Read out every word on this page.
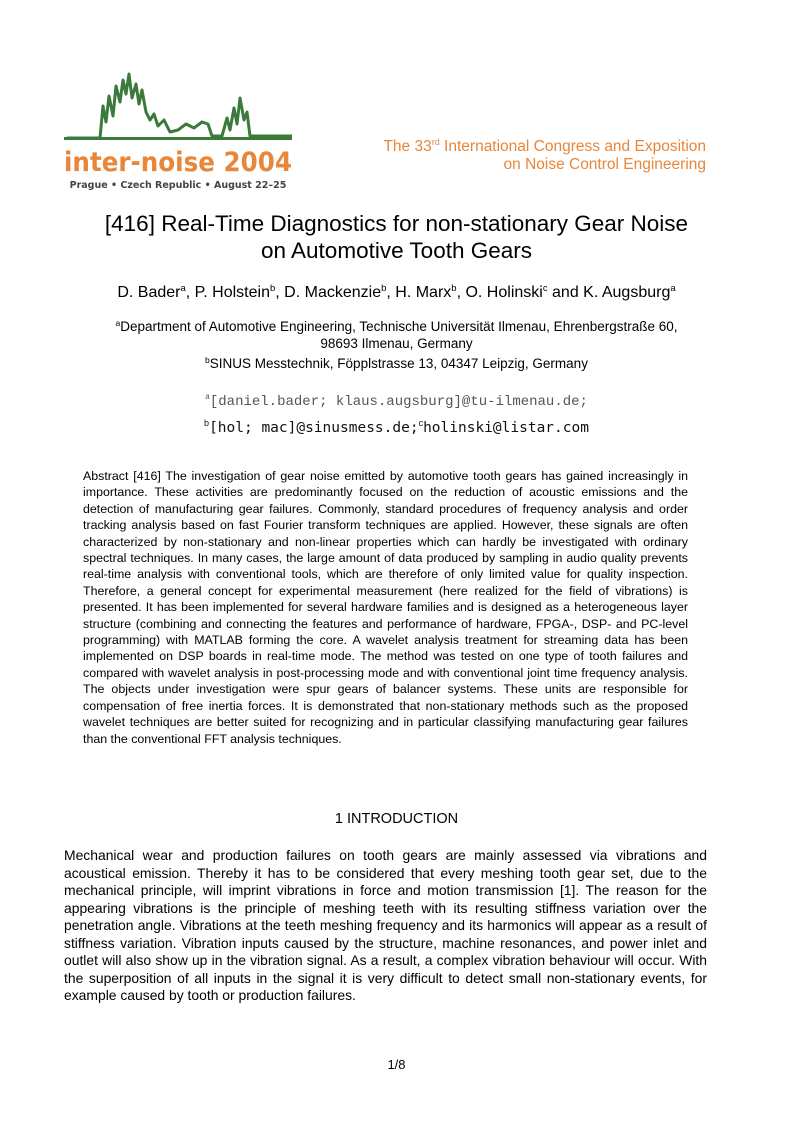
inter-noise 2004
Prague • Czech Republic • August 22–25
The 33rd International Congress and Exposition
on Noise Control Engineering
[416] Real-Time Diagnostics for non-stationary Gear Noise
on Automotive Tooth Gears
D. Bader$^a$, P. Holstein$^b$, D. Mackenzie$^b$, H. Marx$^b$, O. Holinski$^c$ and K. Augsburg$^a$
$^a$Department of Automotive Engineering, Technische Universität Ilmenau, Ehrenbergstraße 60,
98693 Ilmenau, Germany
$^b$SINUS Messtechnik, Föpplstrasse 13, 04347 Leipzig, Germany
$^a$[daniel.bader; klaus.augsburg]@tu-ilmenau.de;
$^b$[hol; mac]@sinusmess.de;$^c$holinski@listar.com
Abstract [416] The investigation of gear noise emitted by automotive tooth gears has gained increasingly in importance. These activities are predominantly focused on the reduction of acoustic emissions and the detection of manufacturing gear failures. Commonly, standard procedures of frequency analysis and order tracking analysis based on fast Fourier transform techniques are applied. However, these signals are often characterized by non-stationary and non-linear properties which can hardly be investigated with ordinary spectral techniques. In many cases, the large amount of data produced by sampling in audio quality prevents real-time analysis with conventional tools, which are therefore of only limited value for quality inspection. Therefore, a general concept for experimental measurement (here realized for the field of vibrations) is presented. It has been implemented for several hardware families and is designed as a heterogeneous layer structure (combining and connecting the features and performance of hardware, FPGA-, DSP- and PC-level programming) with MATLAB forming the core. A wavelet analysis treatment for streaming data has been implemented on DSP boards in real-time mode. The method was tested on one type of tooth failures and compared with wavelet analysis in post-processing mode and with conventional joint time frequency analysis. The objects under investigation were spur gears of balancer systems. These units are responsible for compensation of free inertia forces. It is demonstrated that non-stationary methods such as the proposed wavelet techniques are better suited for recognizing and in particular classifying manufacturing gear failures than the conventional FFT analysis techniques.
1 INTRODUCTION
Mechanical wear and production failures on tooth gears are mainly assessed via vibrations and acoustical emission. Thereby it has to be considered that every meshing tooth gear set, due to the mechanical principle, will imprint vibrations in force and motion transmission [1]. The reason for the appearing vibrations is the principle of meshing teeth with its resulting stiffness variation over the penetration angle. Vibrations at the teeth meshing frequency and its harmonics will appear as a result of stiffness variation. Vibration inputs caused by the structure, machine resonances, and power inlet and outlet will also show up in the vibration signal. As a result, a complex vibration behaviour will occur. With the superposition of all inputs in the signal it is very difficult to detect small non-stationary events, for example caused by tooth or production failures.
1/8
